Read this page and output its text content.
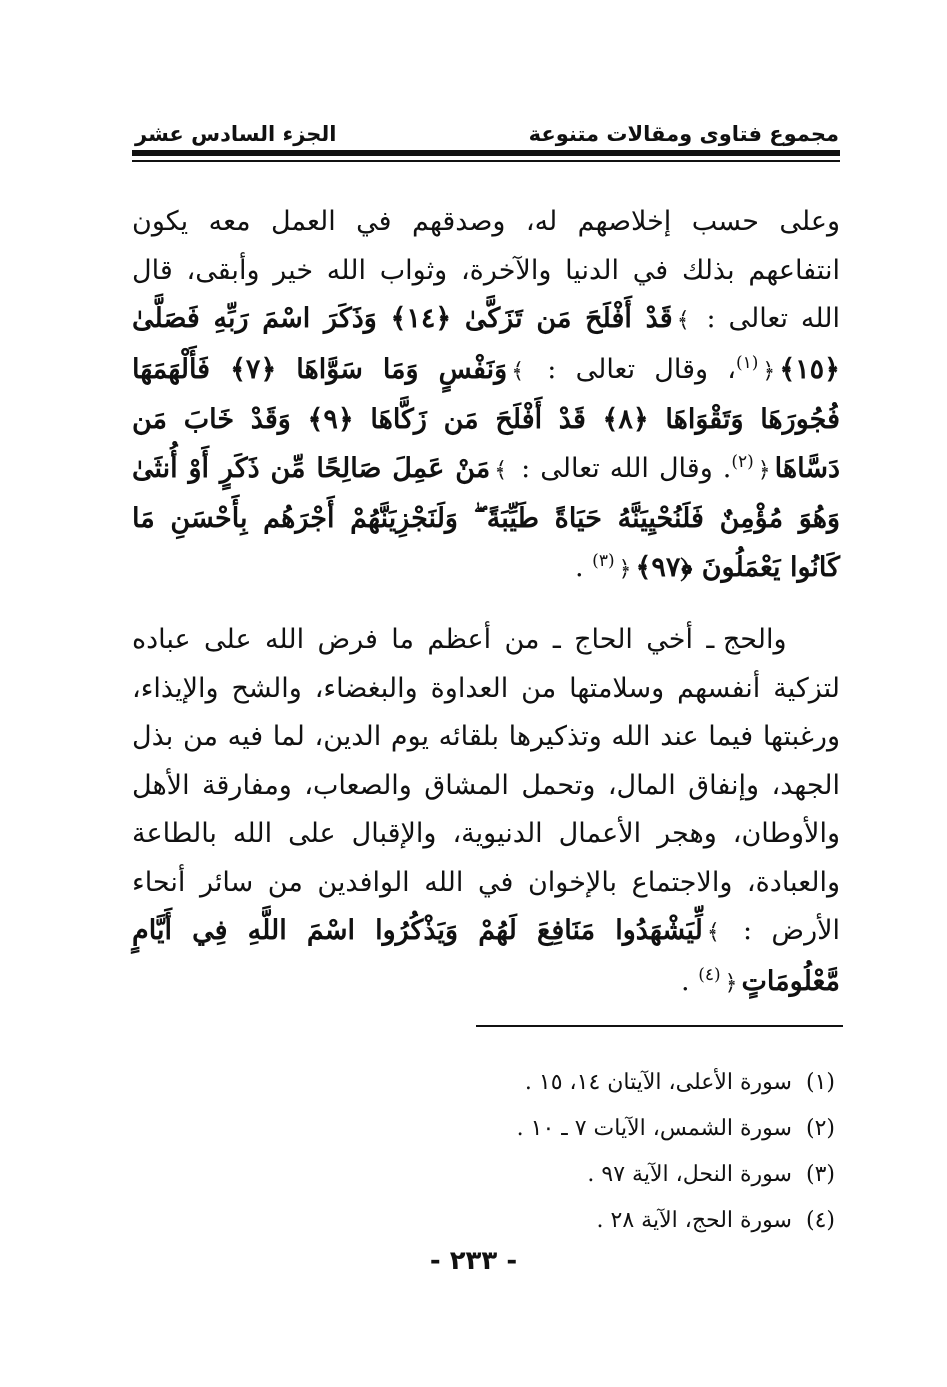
مجموع فتاوى ومقالات متنوعة
الجزء السادس عشر

وعلى حسب إخلاصهم له، وصدقهم في العمل معه يكون انتفاعهم بذلك في الدنيا والآخرة، وثواب الله خير وأبقى، قال الله تعالى : ﴾قَدْ أَفْلَحَ مَن تَزَكَّىٰ ﴿١٤﴾ وَذَكَرَ اسْمَ رَبِّهِ فَصَلَّىٰ ﴿١٥﴾﴿$^{(١)}$، وقال تعالى : ﴾وَنَفْسٍ وَمَا سَوَّاهَا ﴿٧﴾ فَأَلْهَمَهَا فُجُورَهَا وَتَقْوَاهَا ﴿٨﴾ قَدْ أَفْلَحَ مَن زَكَّاهَا ﴿٩﴾ وَقَدْ خَابَ مَن دَسَّاهَا﴿$^{(٢)}$. وقال الله تعالى : ﴾مَنْ عَمِلَ صَالِحًا مِّن ذَكَرٍ أَوْ أُنثَىٰ وَهُوَ مُؤْمِنٌ فَلَنُحْيِيَنَّهُ حَيَاةً طَيِّبَةً ۖ وَلَنَجْزِيَنَّهُمْ أَجْرَهُم بِأَحْسَنِ مَا كَانُوا يَعْمَلُونَ ﴿٩٧﴾﴿$^{(٣)}$ .

والحج ـ أخي الحاج ـ من أعظم ما فرض الله على عباده لتزكية أنفسهم وسلامتها من العداوة والبغضاء، والشح والإيذاء، ورغبتها فيما عند الله وتذكيرها بلقائه يوم الدين، لما فيه من بذل الجهد، وإنفاق المال، وتحمل المشاق والصعاب، ومفارقة الأهل والأوطان، وهجر الأعمال الدنيوية، والإقبال على الله بالطاعة والعبادة، والاجتماع بالإخوان في الله الوافدين من سائر أنحاء الأرض : ﴾لِّيَشْهَدُوا مَنَافِعَ لَهُمْ وَيَذْكُرُوا اسْمَ اللَّهِ فِي أَيَّامٍ مَّعْلُومَاتٍ﴿$^{(٤)}$ .

(١)سورة الأعلى، الآيتان ١٤، ١٥ .
(٢)سورة الشمس، الآيات ٧ ـ ١٠ .
(٣)سورة النحل، الآية ٩٧ .
(٤)سورة الحج، الآية ٢٨ .
- ٢٣٣ -
